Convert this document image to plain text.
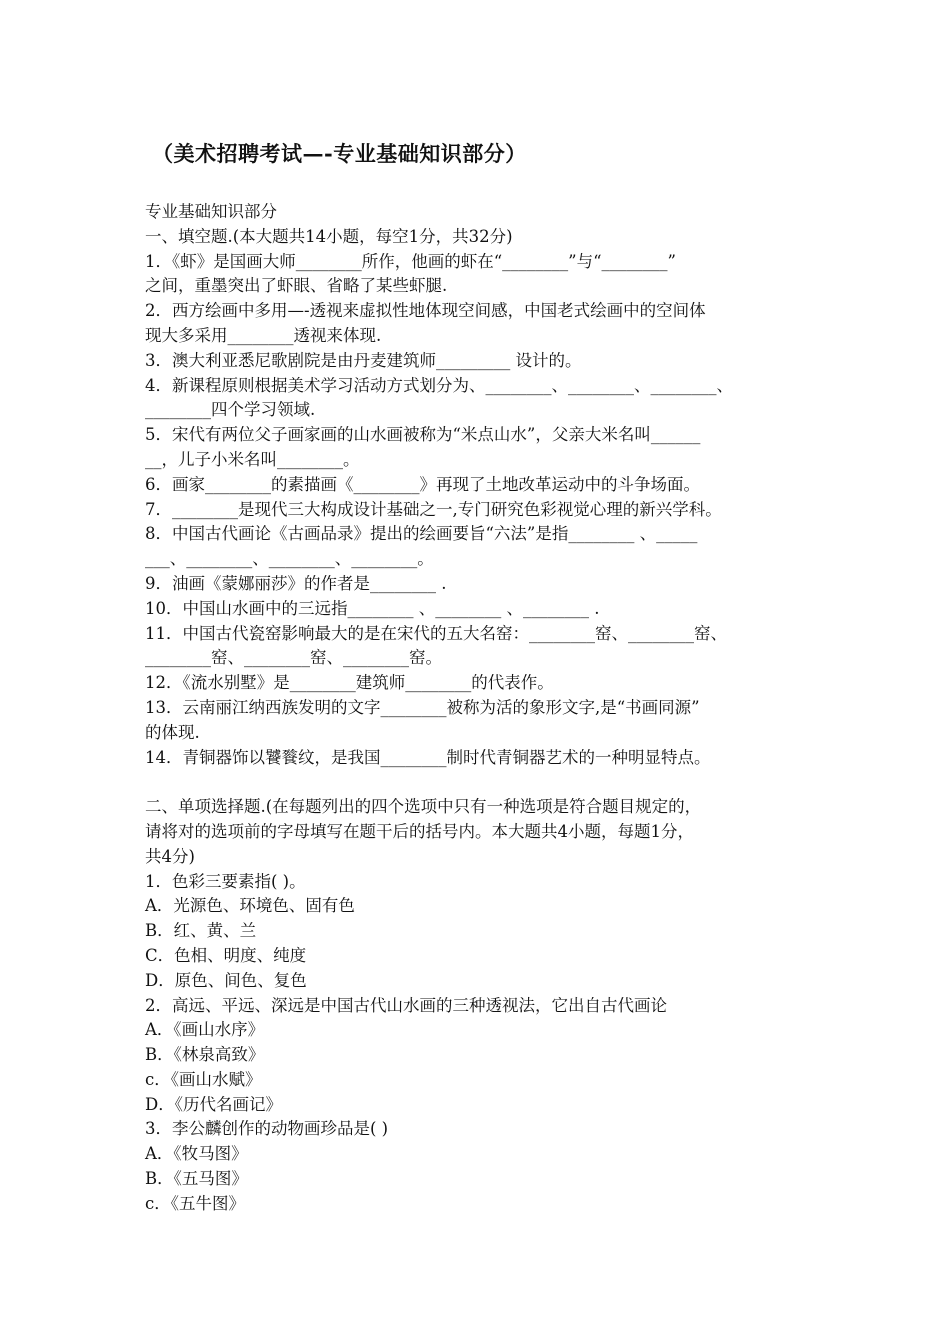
（美术招聘考试—-专业基础知识部分）
专业基础知识部分
一、填空题.(本大题共14小题，每空1分，共32分)
1．《虾》是国画大师________所作，他画的虾在“________”与“________”
之间，重墨突出了虾眼、省略了某些虾腿.
2．西方绘画中多用—-透视来虚拟性地体现空间感，中国老式绘画中的空间体
现大多采用________透视来体现.
3．澳大利亚悉尼歌剧院是由丹麦建筑师_________ 设计的。
4．新课程原则根据美术学习活动方式划分为、________、________、________、
________四个学习领域.
5．宋代有两位父子画家画的山水画被称为“米点山水”，父亲大米名叫______
__，儿子小米名叫________。
6．画家________的素描画《________》再现了土地改革运动中的斗争场面。
7．________是现代三大构成设计基础之一,专门研究色彩视觉心理的新兴学科。
8．中国古代画论《古画品录》提出的绘画要旨“六法”是指________ 、_____
___、________、________、________。
9．油画《蒙娜丽莎》的作者是________ .
10．中国山水画中的三远指________ 、________ 、________ .
11．中国古代瓷窑影响最大的是在宋代的五大名窑：________窑、________窑、
________窑、________窑、________窑。
12．《流水别墅》是________建筑师________的代表作。
13．云南丽江纳西族发明的文字________被称为活的象形文字,是“书画同源”
的体现.
14．青铜器饰以饕餮纹，是我国________制时代青铜器艺术的一种明显特点。
二、单项选择题.(在每题列出的四个选项中只有一种选项是符合题目规定的，
请将对的选项前的字母填写在题干后的括号内。本大题共4小题，每题1分，
共4分)
1．色彩三要素指( )。
A．光源色、环境色、固有色
B．红、黄、兰
C．色相、明度、纯度
D．原色、间色、复色
2．高远、平远、深远是中国古代山水画的三种透视法，它出自古代画论
A．《画山水序》
B．《林泉高致》
c．《画山水赋》
D．《历代名画记》
3．李公麟创作的动物画珍品是( )
A．《牧马图》
B．《五马图》
c．《五牛图》
